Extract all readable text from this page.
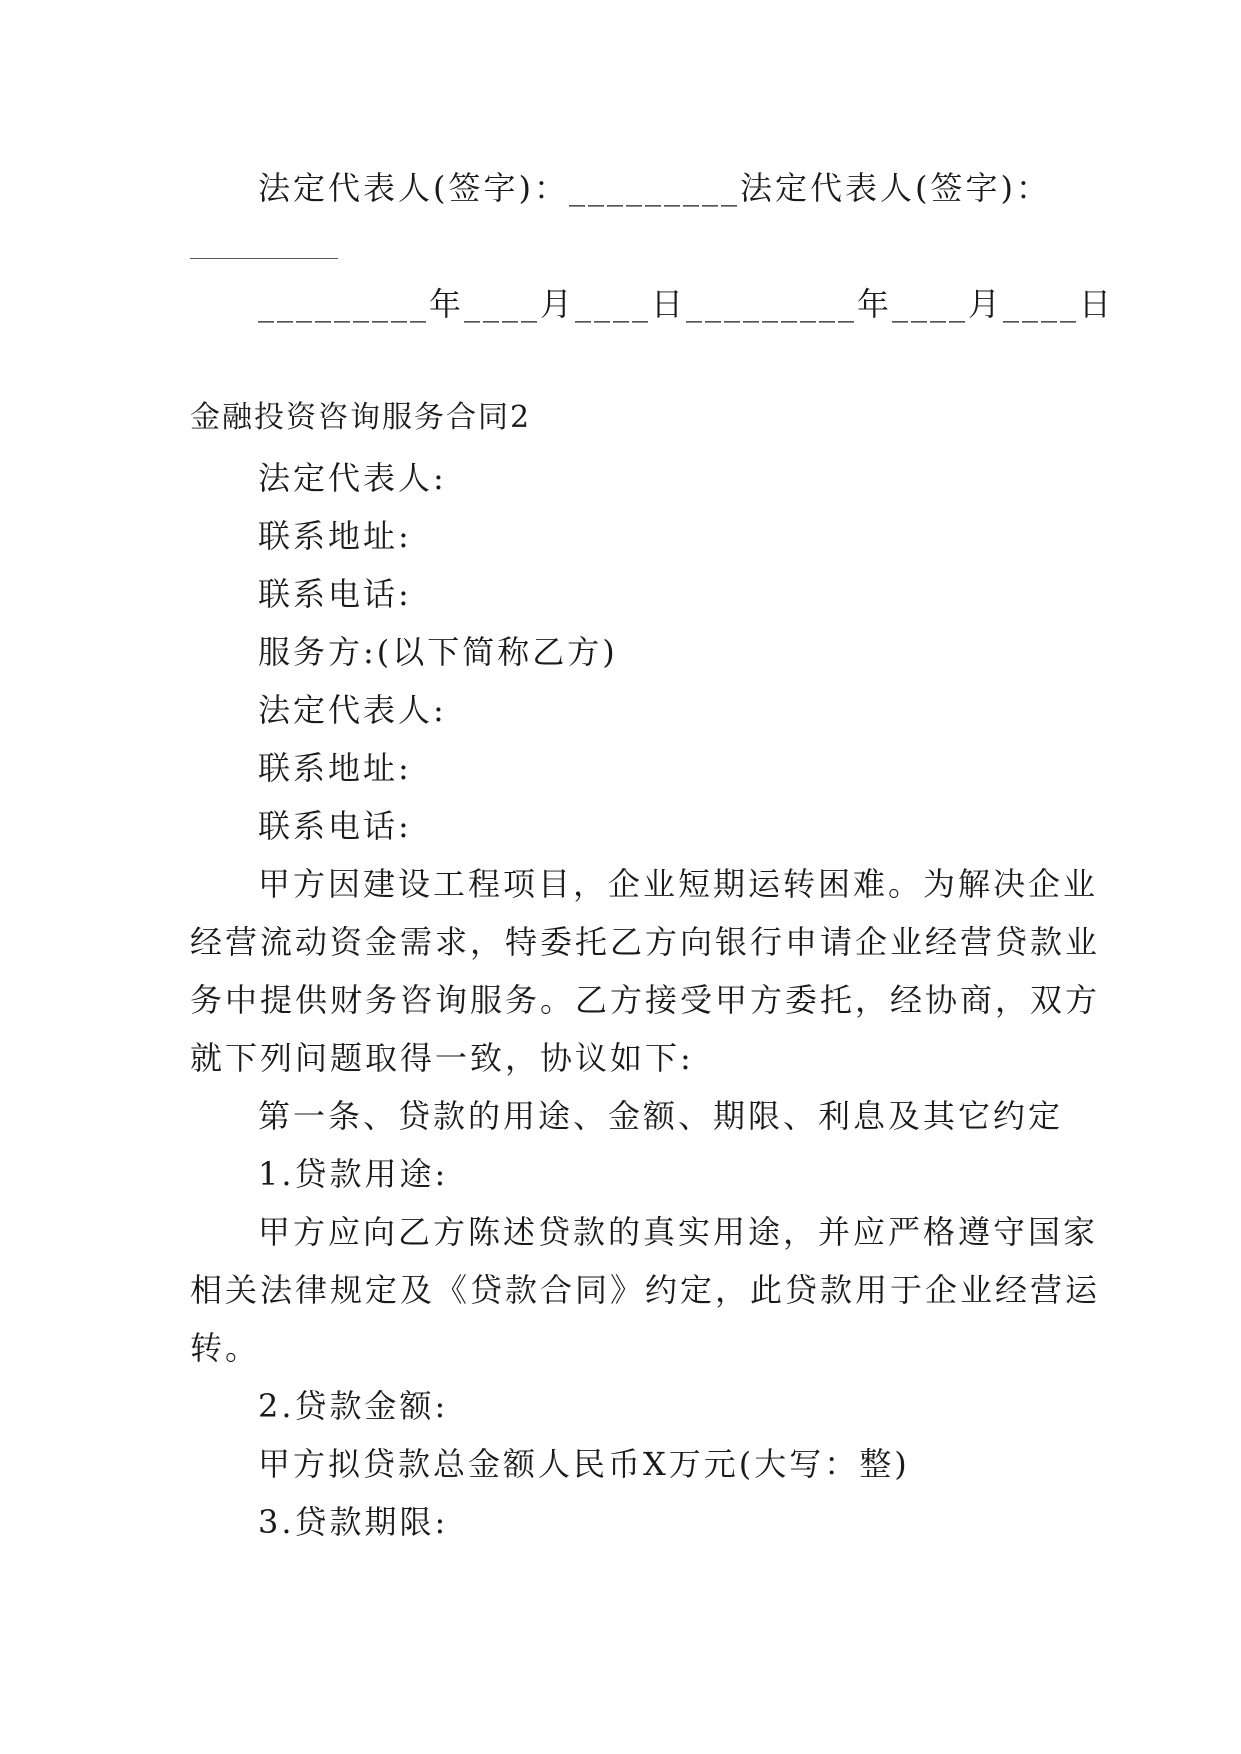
法定代表人(签字)：_________法定代表人(签字)：
_________年____月____日_________年____月____日
金融投资咨询服务合同2
法定代表人:
联系地址:
联系电话:
服务方:(以下简称乙方)
法定代表人:
联系地址:
联系电话:
甲方因建设工程项目，企业短期运转困难。为解决企业
经营流动资金需求，特委托乙方向银行申请企业经营贷款业
务中提供财务咨询服务。乙方接受甲方委托，经协商，双方
就下列问题取得一致，协议如下:
第一条、贷款的用途、金额、期限、利息及其它约定
1.贷款用途:
甲方应向乙方陈述贷款的真实用途，并应严格遵守国家
相关法律规定及《贷款合同》约定，此贷款用于企业经营运
转。
2.贷款金额:
甲方拟贷款总金额人民币X万元(大写：整)
3.贷款期限:
